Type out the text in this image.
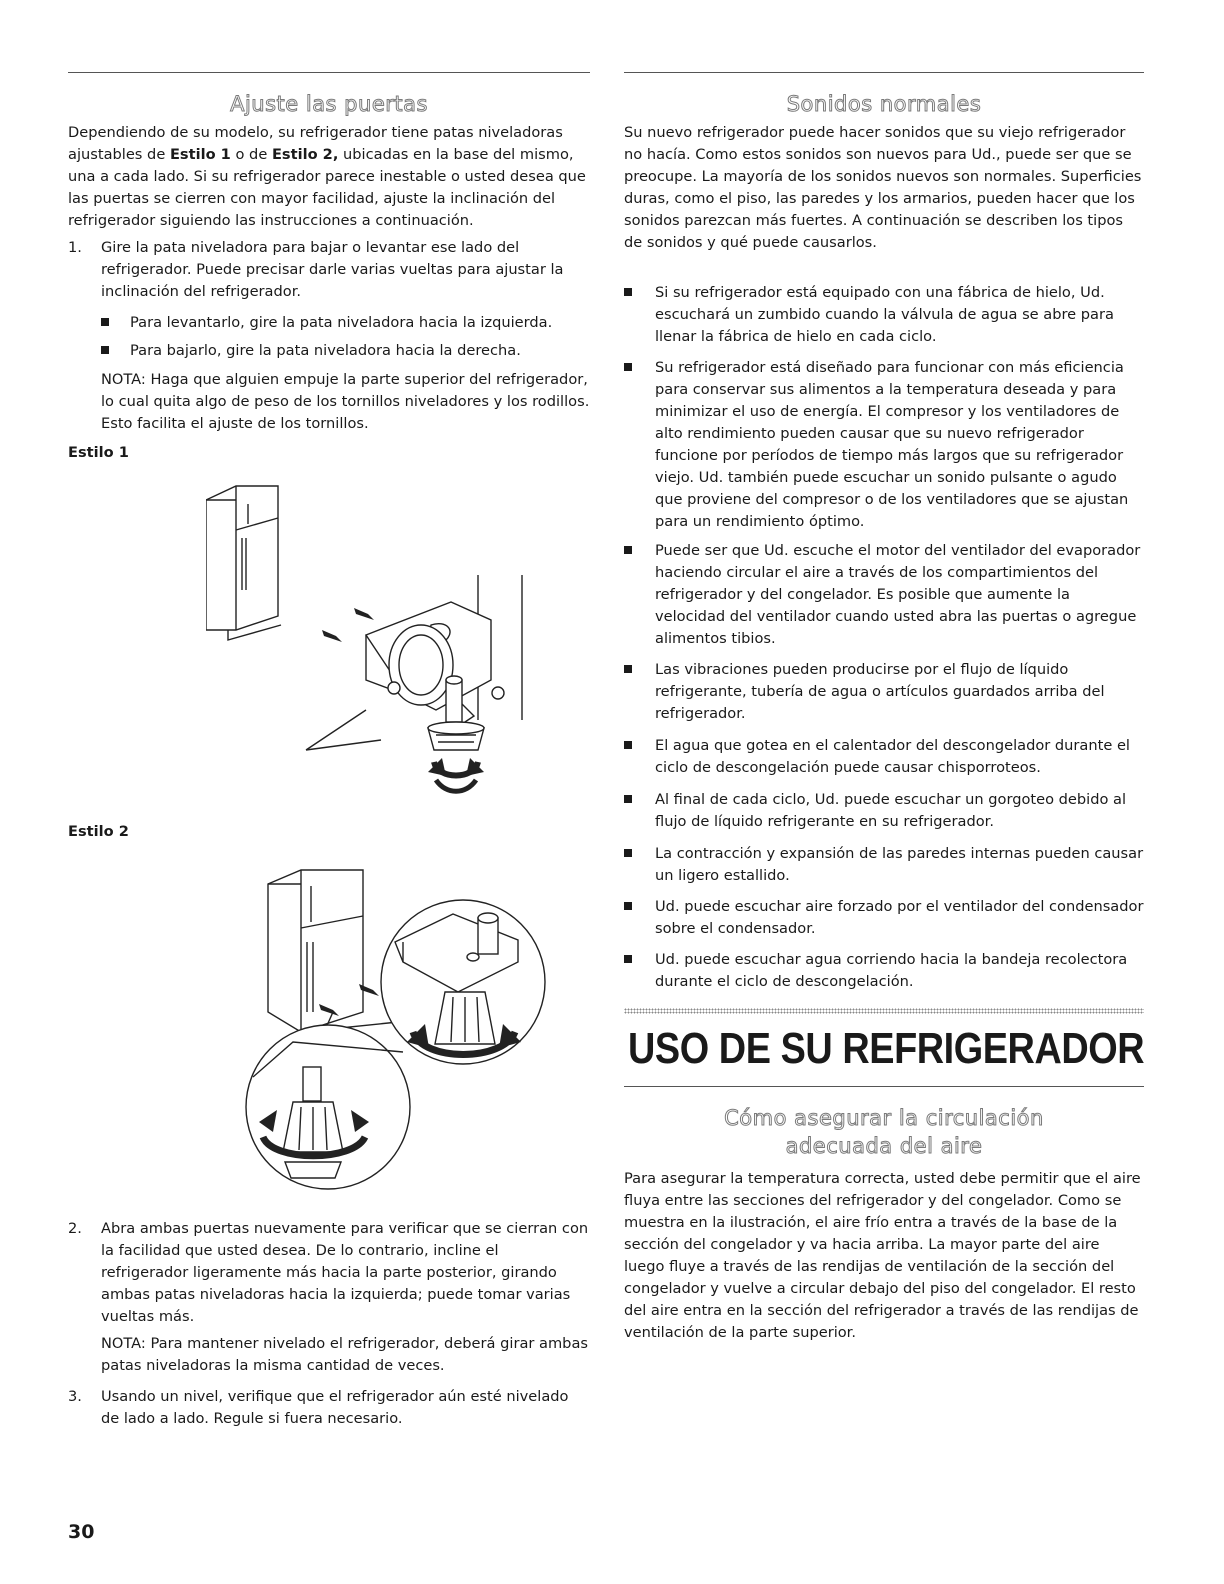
Ajuste las puertas

Dependiendo de su modelo, su refrigerador tiene patas niveladoras ajustables de Estilo 1 o de Estilo 2, ubicadas en la base del mismo, una a cada lado. Si su refrigerador parece inestable o usted desea que las puertas se cierren con mayor facilidad, ajuste la inclinación del refrigerador siguiendo las instrucciones a continuación.

1. Gire la pata niveladora para bajar o levantar ese lado del refrigerador. Puede precisar darle varias vueltas para ajustar la inclinación del refrigerador.

Para levantarlo, gire la pata niveladora hacia la izquierda.

Para bajarlo, gire la pata niveladora hacia la derecha.

NOTA: Haga que alguien empuje la parte superior del refrigerador, lo cual quita algo de peso de los tornillos niveladores y los rodillos. Esto facilita el ajuste de los tornillos.

Estilo 1
Estilo 2
2. Abra ambas puertas nuevamente para verificar que se cierran con la facilidad que usted desea. De lo contrario, incline el refrigerador ligeramente más hacia la parte posterior, girando ambas patas niveladoras hacia la izquierda; puede tomar varias vueltas más.

NOTA: Para mantener nivelado el refrigerador, deberá girar ambas patas niveladoras la misma cantidad de veces.

3. Usando un nivel, verifique que el refrigerador aún esté nivelado de lado a lado. Regule si fuera necesario.

Sonidos normales

Su nuevo refrigerador puede hacer sonidos que su viejo refrigerador no hacía. Como estos sonidos son nuevos para Ud., puede ser que se preocupe. La mayoría de los sonidos nuevos son normales. Superficies duras, como el piso, las paredes y los armarios, pueden hacer que los sonidos parezcan más fuertes. A continuación se describen los tipos de sonidos y qué puede causarlos.

Si su refrigerador está equipado con una fábrica de hielo, Ud. escuchará un zumbido cuando la válvula de agua se abre para llenar la fábrica de hielo en cada ciclo.

Su refrigerador está diseñado para funcionar con más eficiencia para conservar sus alimentos a la temperatura deseada y para minimizar el uso de energía. El compresor y los ventiladores de alto rendimiento pueden causar que su nuevo refrigerador funcione por períodos de tiempo más largos que su refrigerador viejo. Ud. también puede escuchar un sonido pulsante o agudo que proviene del compresor o de los ventiladores que se ajustan para un rendimiento óptimo.

Puede ser que Ud. escuche el motor del ventilador del evaporador haciendo circular el aire a través de los compartimientos del refrigerador y del congelador. Es posible que aumente la velocidad del ventilador cuando usted abra las puertas o agregue alimentos tibios.

Las vibraciones pueden producirse por el flujo de líquido refrigerante, tubería de agua o artículos guardados arriba del refrigerador.

El agua que gotea en el calentador del descongelador durante el ciclo de descongelación puede causar chisporroteos.

Al final de cada ciclo, Ud. puede escuchar un gorgoteo debido al flujo de líquido refrigerante en su refrigerador.

La contracción y expansión de las paredes internas pueden causar un ligero estallido.

Ud. puede escuchar aire forzado por el ventilador del condensador sobre el condensador.

Ud. puede escuchar agua corriendo hacia la bandeja recolectora durante el ciclo de descongelación.

USO DE SU REFRIGERADOR
Cómo asegurar la circulación
adecuada del aire

Para asegurar la temperatura correcta, usted debe permitir que el aire fluya entre las secciones del refrigerador y del congelador. Como se muestra en la ilustración, el aire frío entra a través de la base de la sección del congelador y va hacia arriba. La mayor parte del aire luego fluye a través de las rendijas de ventilación de la sección del congelador y vuelve a circular debajo del piso del congelador. El resto del aire entra en la sección del refrigerador a través de las rendijas de ventilación de la parte superior.

30
